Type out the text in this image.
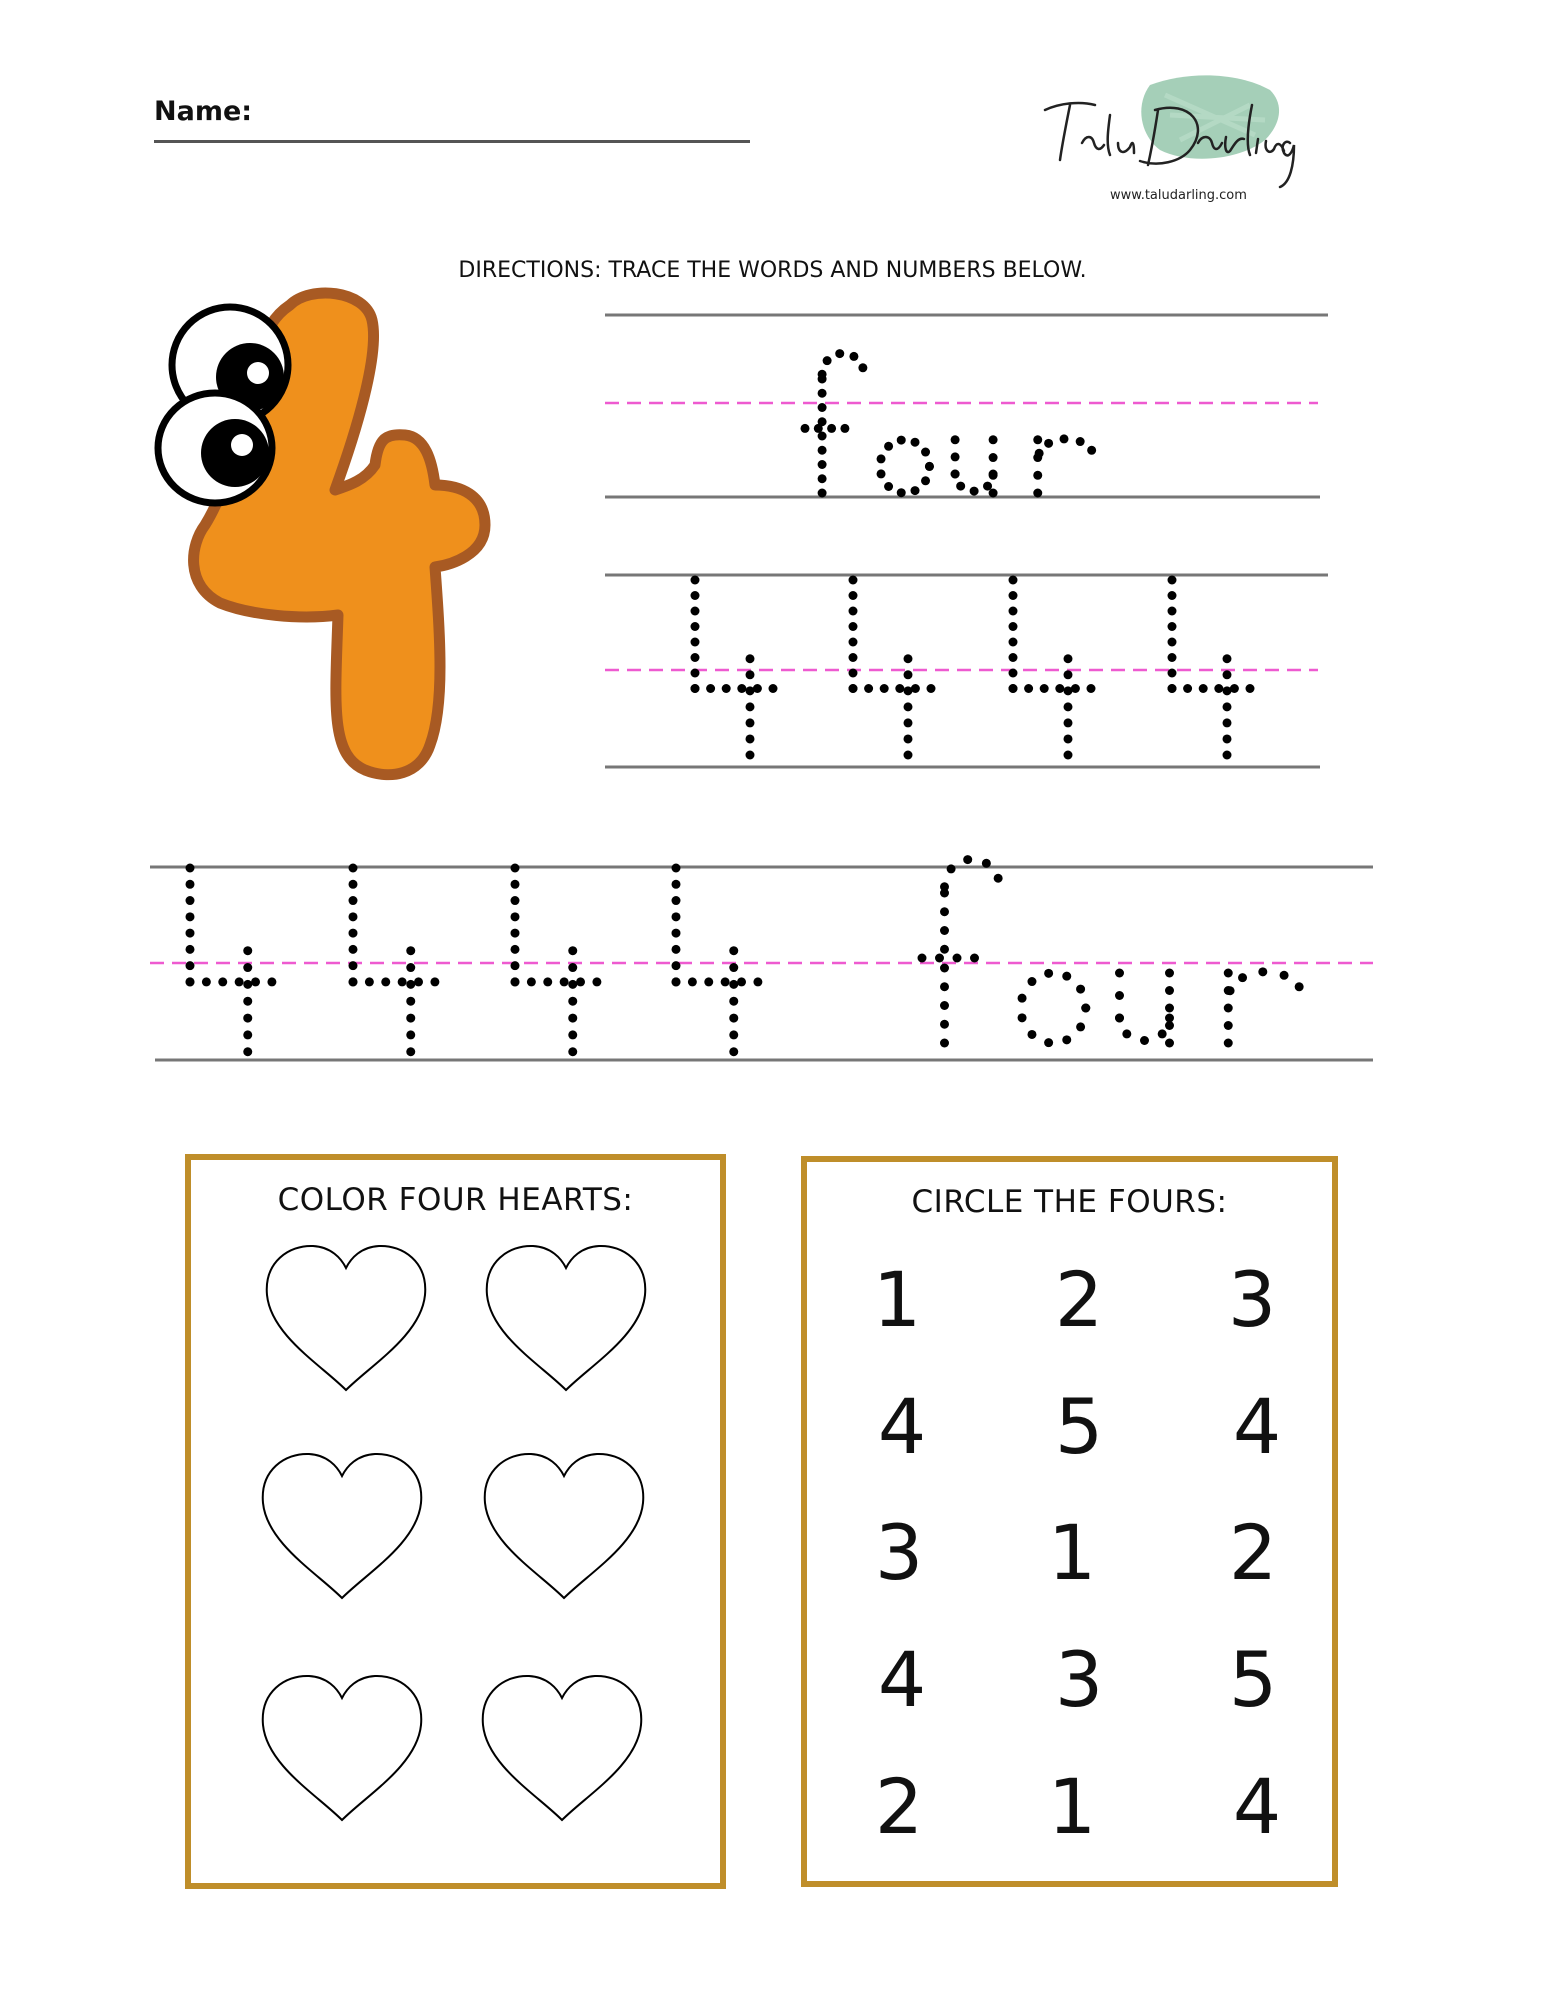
Name:
www.taludarling.com
DIRECTIONS: TRACE THE WORDS AND NUMBERS BELOW.
COLOR FOUR HEARTS:	CIRCLE THE FOURS:
1	2	3
4	5	4
3	1	2
4	3	5
2	1	4
